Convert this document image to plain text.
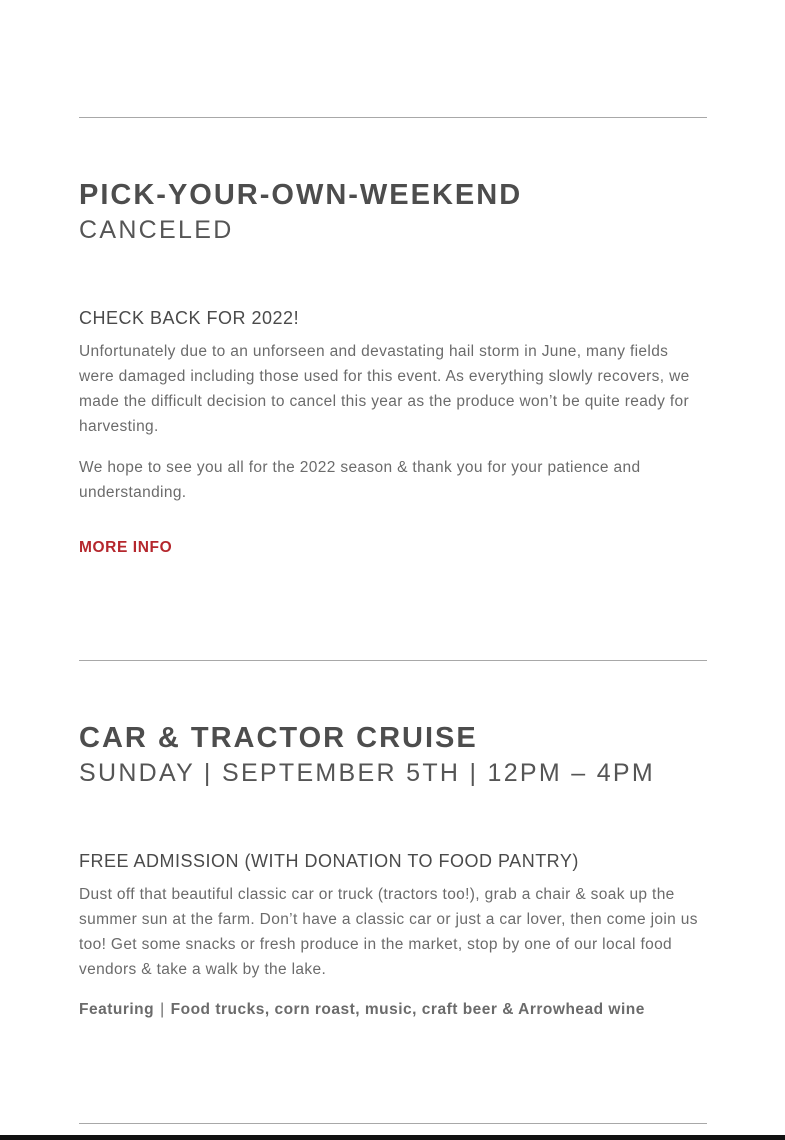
PICK-YOUR-OWN-WEEKEND
CANCELED
CHECK BACK FOR 2022!

Unfortunately due to an unforseen and devastating hail storm in June, many fields were damaged including those used for this event. As everything slowly recovers, we made the difficult decision to cancel this year as the produce won’t be quite ready for harvesting.

We hope to see you all for the 2022 season & thank you for your patience and understanding.

MORE INFO
CAR & TRACTOR CRUISE
SUNDAY | SEPTEMBER 5TH | 12PM – 4PM
FREE ADMISSION (WITH DONATION TO FOOD PANTRY)

Dust off that beautiful classic car or truck (tractors too!), grab a chair & soak up the summer sun at the farm. Don’t have a classic car or just a car lover, then come join us too! Get some snacks or fresh produce in the market, stop by one of our local food vendors & take a walk by the lake.

Featuring | Food trucks, corn roast, music, craft beer & Arrowhead wine
